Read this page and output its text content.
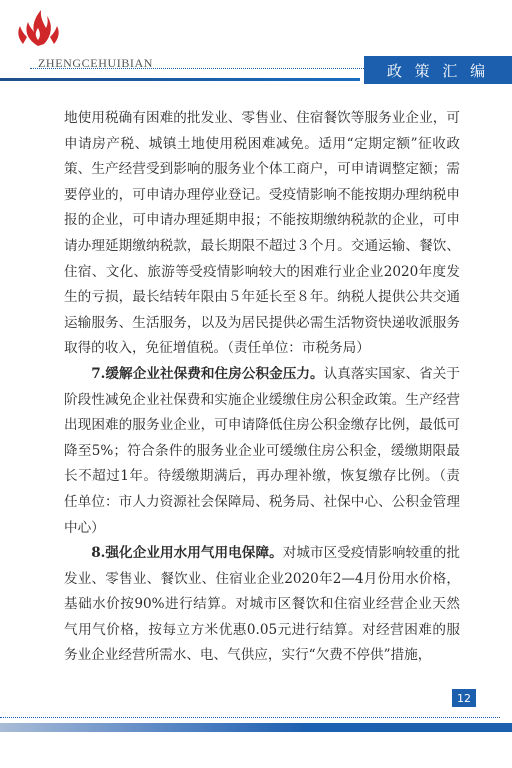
ZHENGCEHUIBIAN	政 策 汇 编

地使用税确有困难的批发业、零售业、住宿餐饮等服务业企业，可申请房产税、城镇土地使用税困难减免。适用“定期定额”征收政策、生产经营受到影响的服务业个体工商户，可申请调整定额；需要停业的，可申请办理停业登记。受疫情影响不能按期办理纳税申报的企业，可申请办理延期申报；不能按期缴纳税款的企业，可申请办理延期缴纳税款，最长期限不超过３个月。交通运输、餐饮、住宿、文化、旅游等受疫情影响较大的困难行业企业2020年度发生的亏损，最长结转年限由５年延长至８年。纳税人提供公共交通运输服务、生活服务，以及为居民提供必需生活物资快递收派服务取得的收入，免征增值税。（责任单位：市税务局）

7.缓解企业社保费和住房公积金压力。认真落实国家、省关于阶段性减免企业社保费和实施企业缓缴住房公积金政策。生产经营出现困难的服务业企业，可申请降低住房公积金缴存比例，最低可降至5%；符合条件的服务业企业可缓缴住房公积金，缓缴期限最长不超过1年。待缓缴期满后，再办理补缴，恢复缴存比例。（责任单位：市人力资源社会保障局、税务局、社保中心、公积金管理中心）

8.强化企业用水用气用电保障。对城市区受疫情影响较重的批发业、零售业、餐饮业、住宿业企业2020年2—4月份用水价格，基础水价按90%进行结算。对城市区餐饮和住宿业经营企业天然气用气价格，按每立方米优惠0.05元进行结算。对经营困难的服务业企业经营所需水、电、气供应，实行“欠费不停供”措施，

12
